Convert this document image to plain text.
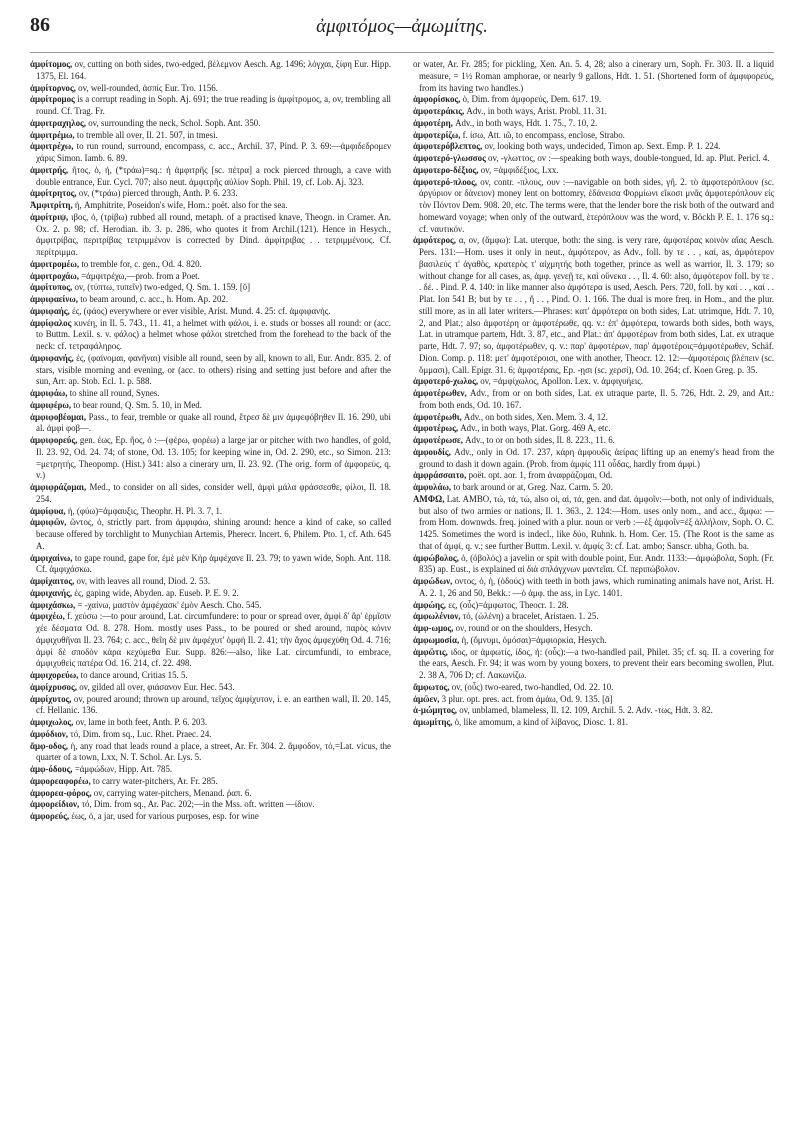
86	ἀμφιτόμος—ἀμωμίτης.

ἀμφίτομος, ov, cutting on both sides, two-edged, βέλεμνον Aesch. Ag. 1496; λόγχαι, ξίφη Eur. Hipp. 1375, El. 164.

ἀμφίτορνος, ov, well-rounded, ἀσπίς Eur. Tro. 1156.

ἀμφίτρομος is a corrupt reading in Soph. Aj. 691; the true reading is ἀμφίτρομος, a, ov, trembling all round. Cf. Trag. Fr.

ἀμφιτραχηλος, ov, surrounding the neck, Schol. Soph. Ant. 350.

ἀμφιτρέμω, to tremble all over, Il. 21. 507, in tmesi.

ἀμφιτρέχω, to run round, surround, encompass, c. acc., Archil. 37, Pind. P. 3. 69:—ἀμφιδεδρομεν χάρις Simon. Iamb. 6. 89.

ἀμφιτρής, ῆτος, ὁ, ἡ, (*τράω)=sq.: ἡ ἀμφιτρῆς [sc. πέτρα] a rock pierced through, a cave with double entrance, Eur. Cycl. 707; also neut. ἀμφιτρῆς αὐλίον Soph. Phil. 19, cf. Lob. Aj. 323.

ἀμφίτρητος, ov, (*τράω) pierced through, Anth. P. 6. 233.

Ἀμφιτρίτη, ἡ, Amphitrite, Poseidon's wife, Hom.: poët. also for the sea.

ἀμφίτριψ, ιβος, ὁ, (τρίβω) rubbed all round, metaph. of a practised knave, Theogn. in Cramer. An. Ox. 2. p. 98; cf. Herodian. ib. 3. p. 286, who quotes it from Archil.(121). Hence in Hesych., ἀμφιτρίβας, περιτρίβας τετριμμένον is corrected by Dind. ἀμφίτριβας . . τετριμμένους. Cf. περίτριμμα.

ἀμφιτρομέω, to tremble for, c. gen., Od. 4. 820.

ἀμφιτροχάω, =ἀμφιτρέχω,—prob. from a Poet.

ἀμφίτυπος, ov, (τύπτω, τυπεῖν) two-edged, Q. Sm. 1. 159. [ῠ]

ἀμφιφαείνω, to beam around, c. acc., h. Hom. Ap. 202.

ἀμφιφαής, ές, (φάος) everywhere or ever visible, Arist. Mund. 4. 25: cf. ἀμφιφανής.

ἀμφίφαλος κυνέη, in Il. 5. 743., 11. 41, a helmet with φάλοι, i. e. studs or bosses all round: or (acc. to Buttm. Lexil. s. v. φάλος) a helmet whose φάλοι stretched from the forehead to the back of the neck: cf. τετραφάληρος.

ἀμφιφανής, ές, (φαίνομαι, φανῆναι) visible all round, seen by all, known to all, Eur. Andr. 835. 2. of stars, visible morning and evening, or (acc. to others) rising and setting just before and after the sun, Arr. ap. Stob. Ecl. 1. p. 588.

ἀμφιφάω, to shine all round, Synes.

ἀμφιφέρω, to bear round, Q. Sm. 5. 10, in Med.

ἀμφιφοβέομαι, Pass., to fear, tremble or quake all round, ἔτρεσ δὲ μιν ἀμφεφόβηθεν Il. 16. 290, ubi al. ἀμφὶ φοβ—.

ἀμφιφορεύς, gen. έως, Ep. ῆος, ὁ :—(φέρω, φορέω) a large jar or pitcher with two handles, of gold, Il. 23. 92, Od. 24. 74; of stone, Od. 13. 105; for keeping wine in, Od. 2. 290, etc., so Simon. 213: =μετρητής, Theopomp. (Hist.) 341: also a cinerary urn, Il. 23. 92. (The orig. form of ἀμφορεύς, q. v.)

ἀμφιφράζομαι, Med., to consider on all sides, consider well, ἀμφὶ μάλα φράσσεσθε, φίλοι, Il. 18. 254.

ἀμφίφυα, ἡ, (φύω)=ἀμφαυξις, Theophr. H. Pl. 3. 7, 1.

ἀμφιφῶν, ῶντος, ὁ, strictly part. from ἀμφιφάω, shining around: hence a kind of cake, so called because offered by torchlight to Munychian Artemis, Pherecr. Incert. 6, Philem. Pto. 1, cf. Ath. 645 A.

ἀμφιχαίνω, to gape round, gape for, ἐμὲ μὲν Κὴρ ἀμφέχανε Il. 23. 79; to yawn wide, Soph. Ant. 118. Cf. ἀμφιχάσκω.

ἀμφίχαιτος, ov, with leaves all round, Diod. 2. 53.

ἀμφιχανής, ές, gaping wide, Abyden. ap. Euseb. P. E. 9. 2.

ἀμφιχάσκω, = -χαίνω, μαστὸν ἀμφέχασκ' ἐμὸν Aesch. Cho. 545.

ἀμφιχέω, f. χεύσω :—to pour around, Lat. circumfundere: to pour or spread over, ἀμφὶ δ' ἄρ' ἐρμῖσιν χέε δέσματα Od. 8. 278. Hom. mostly uses Pass., to be poured or shed around, παρὸς κόνιν ἀμφιχυθῆναι Il. 23. 764; c. acc., θεῖη δὲ μιν ἀμφέχυτ' ὀμφὴ Il. 2. 41; τὴν ἄχος ἀμφεχύθη Od. 4. 716; ἀμφὶ δὲ σποδὸν κάρα κεχύμεθα Eur. Supp. 826:—also, like Lat. circumfundi, to embrace, ἀμφιχυθεὶς πατέρα Od. 16. 214, cf. 22. 498.

ἀμφιχορεύω, to dance around, Critias 15. 5.

ἀμφίχρυσος, ov, gilded all over, φιάσανον Eur. Hec. 543.

ἀμφίχυτος, ov, poured around; thrown up around, τεῖχος ἀμφίχυτον, i. e. an earthen wall, Il. 20. 145, cf. Hellanic. 136.

ἀμφιχωλος, ov, lame in both feet, Anth. P. 6. 203.

ἀμφόδιον, τό, Dim. from sq., Luc. Rhet. Praec. 24.

ἄμφ-οδος, ἡ, any road that leads round a place, a street, Ar. Fr. 304. 2. ἄμφοδον, τό,=Lat. vicus, the quarter of a town, Lxx, N. T. Schol. Ar. Lys. 5.

ἀμφ-όδους, =ἀμφώδων, Hipp. Art. 785.

ἀμφορεαφορέω, to carry water-pitchers, Ar. Fr. 285.

ἀμφορεα-φόρος, ov, carrying water-pitchers, Menand. ῥαπ. 6.

ἀμφορείδιον, τό, Dim. from sq., Ar. Pac. 202;—in the Mss. oft. written —ίδιον.

ἀμφορεύς, έως, ὁ, a jar, used for various purposes, esp. for wine

or water, Ar. Fr. 285; for pickling, Xen. An. 5. 4, 28; also a cinerary urn, Soph. Fr. 303. II. a liquid measure, = 1½ Roman amphorae, or nearly 9 gallons, Hdt. 1. 51. (Shortened form of ἀμφιφορεύς, from its having two handles.)

ἀμφορίσκος, ὁ, Dim. from ἀμφορεύς, Dem. 617. 19.

ἀμφοτεράκις, Adv., in both ways, Arist. Probl. 11. 31.

ἀμφοτέρη, Adv., in both ways, Hdt. 1. 75., 7. 10, 2.

ἀμφοτερίζω, f. ίσω, Att. ιῶ, to encompass, enclose, Strabo.

ἀμφοτερόβλεπτος, ov, looking both ways, undecided, Timon ap. Sext. Emp. P. 1. 224.

ἀμφοτερό-γλωσσος ov, -γλωττος, ov :—speaking both ways, double-tongued, Id. ap. Plut. Pericl. 4.

ἀμφοτερο-δέξιος, ov, =ἀμφιδέξιος, Lxx.

ἀμφοτερό-πλοος, ov, contr. -πλους, ουν :—navigable on both sides, γῆ. 2. τὸ ἀμφοτερόπλουν (sc. ἀργύριον or δάνειον) money lent on bottomry, ἐδάνεισα Φορμίωνι εἴκοσι μνᾶς ἀμφοτερόπλουν εἰς τὸν Πόντον Dem. 908. 20, etc. The terms were, that the lender bore the risk both of the outward and homeward voyage; when only of the outward, ἑτερόπλουν was the word, v. Böckh P. E. 1. 176 sq.: cf. ναυτικόν.

ἀμφότερος, α, ον, (ἄμφω): Lat. uterque, both: the sing. is very rare, ἀμφοτέρας κοινὸν αἴας Aesch. Pers. 131:—Hom. uses it only in neut., ἀμφότερον, as Adv., foll. by τε . . , καί, as, ἀμφότερον βασιλεύς τ' ἀγαθὸς, κρατερὸς τ' αἰχμητής both together, prince as well as warrior, Il. 3. 179; so without change for all cases, as, ἀμφ. γενεῇ τε, καὶ οὕνεκα . . , Il. 4. 60: also, ἀμφότερον foll. by τε . . δέ. . Pind. P. 4. 140: in like manner also ἀμφότερα is used, Aesch. Pers. 720, foll. by καί . . , καί . . Plat. Ion 541 B; but by τε . . , ἤ . . , Pind. O. 1. 166. The dual is more freq. in Hom., and the plur. still more, as in all later writers.—Phrases: κατ' ἀμφότερα on both sides, Lat. utrimque, Hdt. 7. 10, 2, and Plat.; also ἀμφοτέρη or ἀμφοτέρωθε, qq. v.: ἐπ' ἀμφότερα, towards both sides, both ways, Lat. in utramque partem, Hdt. 3. 87, etc., and Plat.: ἀπ' ἀμφοτέρων from both sides, Lat. ex utraque parte, Hdt. 7. 97; so, ἀμφοτέρωθεν, q. v.: παρ' ἀμφοτέρων, παρ' ἀμφοτέροις=ἀμφοτέρωθεν, Schäf. Dion. Comp. p. 118: μετ' ἀμφοτέροισι, one with another, Theocr. 12. 12:—ἀμφοτέροις βλέπειν (sc. ὄμμασι), Call. Epigr. 31. 6; ἀμφοτέραις, Ep. -ῃσι (sc. χερσί), Od. 10. 264; cf. Koen Greg. p. 35.

ἀμφοτερό-χωλος, ov, =ἀμφίχωλος, Apollon. Lex. v. ἀμφιγυήεις.

ἀμφοτέρωθεν, Adv., from or on both sides, Lat. ex utraque parte, Il. 5. 726, Hdt. 2. 29, and Att.: from both ends, Od. 10. 167.

ἀμφοτέρωθι, Adv., on both sides, Xen. Mem. 3. 4, 12.

ἀμφοτέρως, Adv., in both ways, Plat. Gorg. 469 A, etc.

ἀμφοτέρωσε, Adv., to or on both sides, Il. 8. 223., 11. 6.

ἀμφουδίς, Adv., only in Od. 17. 237, κάρη ἀμφουδὶς ἀείρας lifting up an enemy's head from the ground to dash it down again. (Prob. from ἀμφίς 111 οὖδας, hardly from ἀμφί.)

ἀμφράσσαιτο, poët. opt. aor. 1, from ἀναφράζομαι, Od.

ἀμφυλάω, to bark around or at, Greg. Naz. Carm. 5. 20.

ΑΜΦΩ, Lat. AMBO, τώ, τά, τώ, also οἱ, αἱ, τά, gen. and dat. ἀμφοῖν:—both, not only of individuals, but also of two armies or nations, Il. 1. 363., 2. 124:—Hom. uses only nom., and acc., ἄμφω: —from Hom. downwds. freq. joined with a plur. noun or verb :—ἐξ ἀμφοῖν=ἐξ ἀλλήλοιν, Soph. O. C. 1425. Sometimes the word is indecl., like δύο, Ruhnk. h. Hom. Cer. 15. (The Root is the same as that of ἀμφί, q. v.; see further Buttm. Lexil. v. ἀμφίς 3: cf. Lat. ambo; Sanscr. ubha, Goth. ba.

ἀμφώβολος, ὁ, (ὀβολός) a javelin or spit with double point, Eur. Andr. 1133:—ἀμφώβολα, Soph. (Fr. 835) ap. Eust., is explained αἱ διὰ σπλάγχνων μαντεῖαι. Cf. περιπώβολον.

ἀμφώδων, οντος, ὁ, ἡ, (ὀδούς) with teeth in both jaws, which ruminating animals have not, Arist. H. A. 2. 1, 26 and 50, Bekk.: —ὁ ἀμφ. the ass, in Lyc. 1401.

ἀμφώης, ες, (οὖς)=ἀμφωτος, Theocr. 1. 28.

ἀμφωλένιον, τό, (ὠλένη) a bracelet, Aristaen. 1. 25.

ἀμφ-ωμος, ον, round or on the shoulders, Hesych.

ἀμφωμοσία, ἡ, (ὄμνυμι, ὀμόσαι)=ἀμφιορκία, Hesych.

ἀμφῶτις, ιδος, or ἀμφωτίς, ίδος, ἡ: (οὖς):—a two-handled pail, Philet. 35; cf. sq. II. a covering for the ears, Aesch. Fr. 94; it was worn by young boxers, to prevent their ears becoming swollen, Plut. 2. 38 A, 706 D; cf. Λακωνίζω.

ἄμφωτος, ov, (οὖς) two-eared, two-handled, Od. 22. 10.

ἀμῶεν, 3 plur. opt. pres. act. from ἀμάω, Od. 9. 135. [ᾱ]

ἀ-μώμητος, ov, unblamed, blameless, Il. 12. 109, Archil. 5. 2. Adv. -τως, Hdt. 3. 82.

ἀμωμίτης, ὁ, like amomum, a kind of λίβανος, Diosc. 1. 81.
